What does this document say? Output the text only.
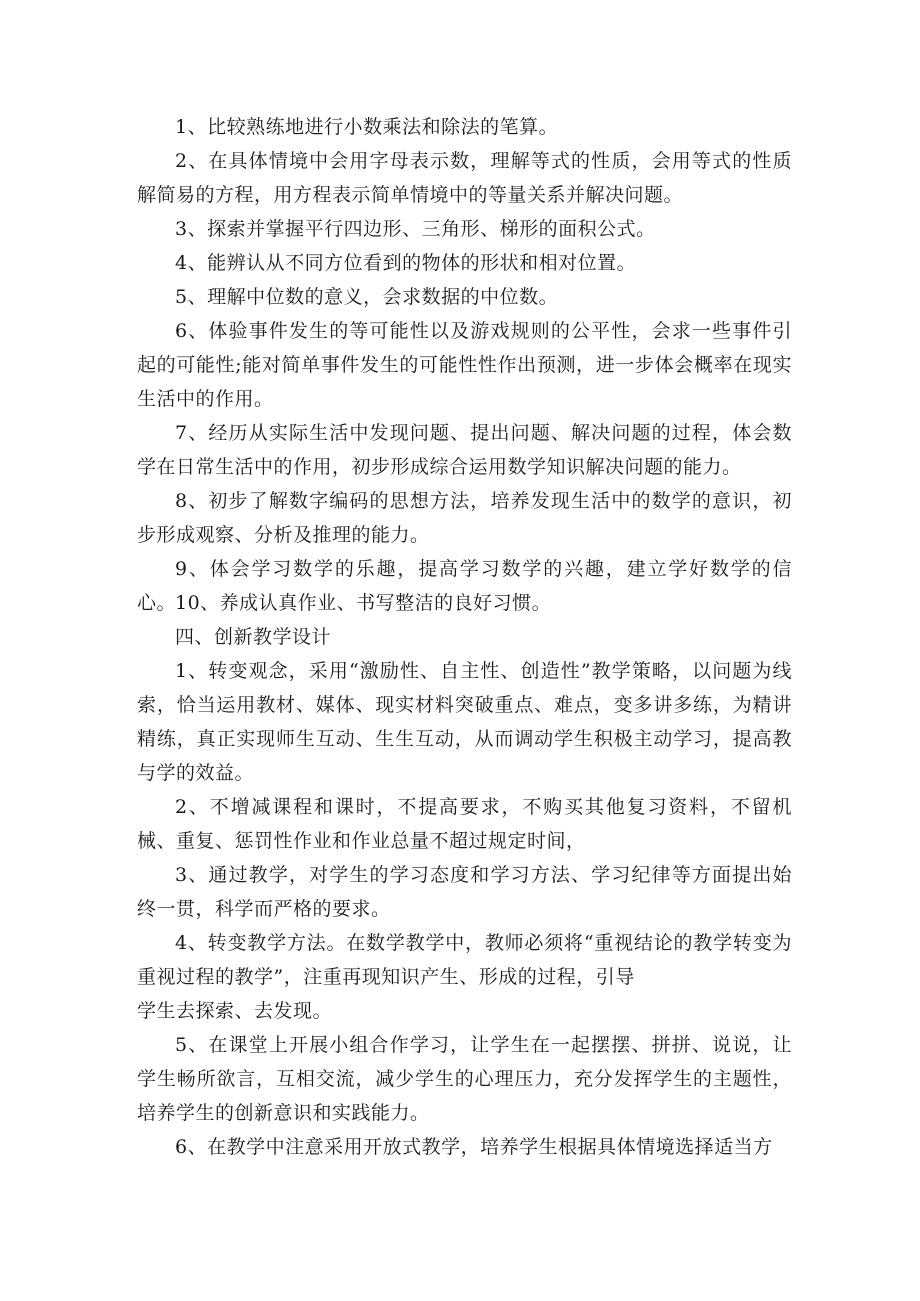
1、比较熟练地进行小数乘法和除法的笔算。
2、在具体情境中会用字母表示数，理解等式的性质，会用等式的性质解简易的方程，用方程表示简单情境中的等量关系并解决问题。
3、探索并掌握平行四边形、三角形、梯形的面积公式。
4、能辨认从不同方位看到的物体的形状和相对位置。
5、理解中位数的意义，会求数据的中位数。
6、体验事件发生的等可能性以及游戏规则的公平性，会求一些事件引起的可能性;能对简单事件发生的可能性性作出预测，进一步体会概率在现实生活中的作用。
7、经历从实际生活中发现问题、提出问题、解决问题的过程，体会数学在日常生活中的作用，初步形成综合运用数学知识解决问题的能力。
8、初步了解数字编码的思想方法，培养发现生活中的数学的意识，初步形成观察、分析及推理的能力。
9、体会学习数学的乐趣，提高学习数学的兴趣，建立学好数学的信心。
10、养成认真作业、书写整洁的良好习惯。
四、创新教学设计
1、转变观念，采用“激励性、自主性、创造性”教学策略，以问题为线索，恰当运用教材、媒体、现实材料突破重点、难点，变多讲多练，为精讲精练，真正实现师生互动、生生互动，从而调动学生积极主动学习，提高教与学的效益。
2、不增减课程和课时，不提高要求，不购买其他复习资料，不留机械、重复、惩罚性作业和作业总量不超过规定时间，
3、通过教学，对学生的学习态度和学习方法、学习纪律等方面提出始终一贯，科学而严格的要求。
4、转变教学方法。在数学教学中，教师必须将“重视结论的教学转变为重视过程的教学”，注重再现知识产生、形成的过程，引导
学生去探索、去发现。
5、在课堂上开展小组合作学习，让学生在一起摆摆、拼拼、说说，让学生畅所欲言，互相交流，减少学生的心理压力，充分发挥学生的主题性，培养学生的创新意识和实践能力。
6、在教学中注意采用开放式教学，培养学生根据具体情境选择适当方
